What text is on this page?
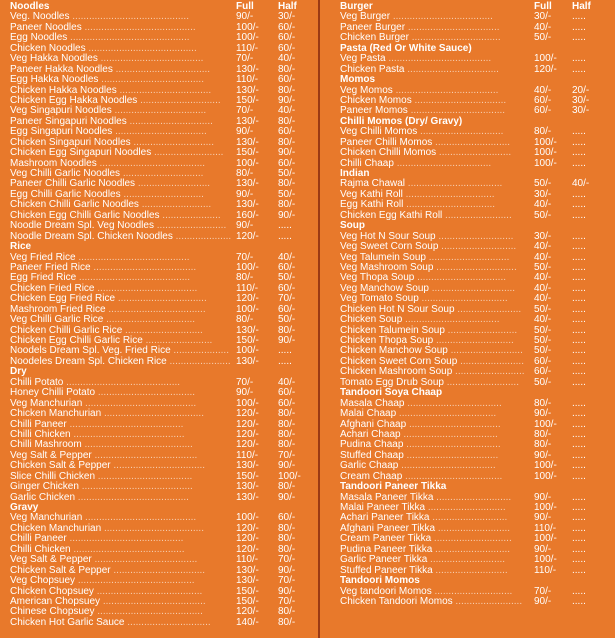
Noodles	Full Half
Veg. Noodles ..........................................	90/- 30/-
Paneer Noodles ........................................	100/- 60/-
Egg Noodles ...........................................	100/- 60/-
Chicken Noodles .......................................	110/- 60/-
Veg Hakka Noodles .....................................	70/- 40/-
Paneer Hakka Noodles ..................................	130/- 80/-
Egg Hakka Noodles .....................................	110/- 60/-
Chicken Hakka Noodles ................................. 130/- 80/-
Chicken Egg Hakka Noodles ............................. 150/- 90/-
Veg Singapuri Noodles .................................	70/- 40/-
Paneer Singapuri Noodles .............................. 130/- 80/-
Egg Singapuri Noodles .................................	90/- 60/-
Chicken Singapuri Noodles ............................. 130/- 80/-
Chicken Egg Singapuri Noodles ......................... 150/- 90/-
Mashroom Noodles ......................................	100/- 60/-
Veg Chilli Garlic Noodles .............................	80/- 50/-
Paneer Chilli Garlic Noodles ..........................	130/- 80/-
Egg Chilli Garlic Noodles .............................	90/- 50/-
Chicken Chilli Garlic Noodles ......................... 130/- 80/-
Chicken Egg Chilli Garlic Noodles ..................... 160/- 90/-
Noodle Dream Spl. Veg Noodles ......................... 90/- .....
Noodle Dream Spl. Chicken Noodles .................... 120/- .....
Rice
Veg Fried Rice ........................................	70/- 40/-
Paneer Fried Rice .....................................	100/- 60/-
Egg Fried Rice ........................................	80/- 50/-
Chicken Fried Rice ....................................	110/- 60/-
Chicken Egg Fried Rice ................................	120/- 70/-
Mashroom Fried Rice ...................................	100/- 60/-
Veg Chilli Garlic Rice ................................	80/- 50/-
Chicken Chilli Garlic Rice ............................	130/- 80/-
Chicken Egg Chilli Garlic Rice ........................ 150/- 90/-
Noodels Dream Spl. Veg. Fried Rice .................... 100/- .....
Noodeles Dream Spl. Chicken Rice ...................... 130/- .....
Dry
Chilli Potato .........................................	70/- 40/-
Honey Chilli Potato ...................................	90/- 60/-
Veg Manchurian ........................................	100/- 60/-
Chicken Manchurian ....................................	120/- 80/-
Chilli Paneer .........................................	120/- 80/-
Chilli Chicken ........................................	120/- 80/-
Chilli Mashroom .......................................	120/- 80/-
Veg Salt & Pepper .....................................	110/- 70/-
Chicken Salt & Pepper .................................	130/- 90/-
Slice Chilli Chicken ..................................	150/- 100/-
Ginger Chicken ........................................	130/- 80/-
Garlic Chicken ........................................	130/- 90/-
Gravy
Veg Manchurian ........................................	100/- 60/-
Chicken Manchurian ....................................	120/- 80/-
Chilli Paneer .........................................	120/- 80/-
Chilli Chicken ........................................	120/- 80/-
Veg Salt & Pepper .....................................	110/- 70/-
Chicken Salt & Pepper .................................	130/- 90/-
Veg Chopsuey ..........................................	130/- 70/-
Chicken Chopsuey ......................................	150/- 90/-
American Chopsuey .....................................	150/- 70/-
Chinese Chopsuey ......................................	120/- 80/-
Chicken Hot Garlic Sauce ..............................	140/- 80/-
Burger	Full Half
Veg Burger ....................................	30/- .....
Paneer Burger .................................	40/- .....
Chicken Burger ................................	50/- .....
Pasta (Red Or White Sauce)
Veg Pasta .....................................	100/- .....
Chicken Pasta .................................	120/- .....
Momos
Veg Momos .....................................	40/- 20/-
Chicken Momos .................................	60/- 30/-
Paneer Momos ..................................	60/- 30/-
Chilli Momos (Dry/ Gravy)
Veg Chilli Momos ..............................	80/- .....
Paneer Chilli Momos ........................... 100/- .....
Chicken Chilli Momos .......................... 100/- .....
Chilli Chaap ..................................	100/- .....
Indian
Rajma Chawal ..................................	50/- 40/-
Veg Kathi Roll ................................	30/- .....
Egg Kathi Roll ................................	40/- .....
Chicken Egg Kathi Roll ........................ 50/- .....
Soup
Veg Hot N Sour Soup ........................... 30/- .....
Veg Sweet Corn Soup ........................... 40/- .....
Veg Talumein Soup ............................. 40/- .....
Veg Mashroom Soup ............................. 50/- .....
Veg Thopa Soup ................................	40/- .....
Veg Manchow Soup .............................. 40/- .....
Veg Tomato Soup ...............................	40/- .....
Chicken Hot N Sour Soup ....................... 50/- .....
Chicken Soup ..................................	40/- .....
Chicken Talumein Soup ......................... 50/- .....
Chicken Thopa Soup ............................ 50/- .....
Chicken Manchow Soup .......................... 50/- .....
Chicken Sweet Corn Soup ....................... 60/- .....
Chicken Mashroom Soup ......................... 60/- .....
Tomato Egg Drub Soup .......................... 50/- .....
Tandoori Soya Chaap
Masala Chaap ..................................	80/- .....
Malai Chaap ...................................	90/- .....
Afghani Chaap .................................	100/- .....
Achari Chaap ..................................	80/- .....
Pudina Chaap ..................................	80/- .....
Stuffed Chaap .................................	90/- .....
Garlic Chaap ..................................	100/- .....
Cream Chaap ...................................	100/- .....
Tandoori Paneer Tikka
Masala Paneer Tikka ........................... 90/- .....
Malai Paneer Tikka ............................	100/- .....
Achari Paneer Tikka ...........................	90/- .....
Afghani Paneer Tikka .......................... 110/- .....
Cream Paneer Tikka ............................ 100/- .....
Pudina Paneer Tikka ........................... 90/- .....
Garlic Paneer Tikka ...........................	100/- .....
Stuffed Paneer Tikka ..........................	110/- .....
Tandoori Momos
Veg tandoori Momos ............................ 70/- .....
Chicken Tandoori Momos ........................ 90/- .....
